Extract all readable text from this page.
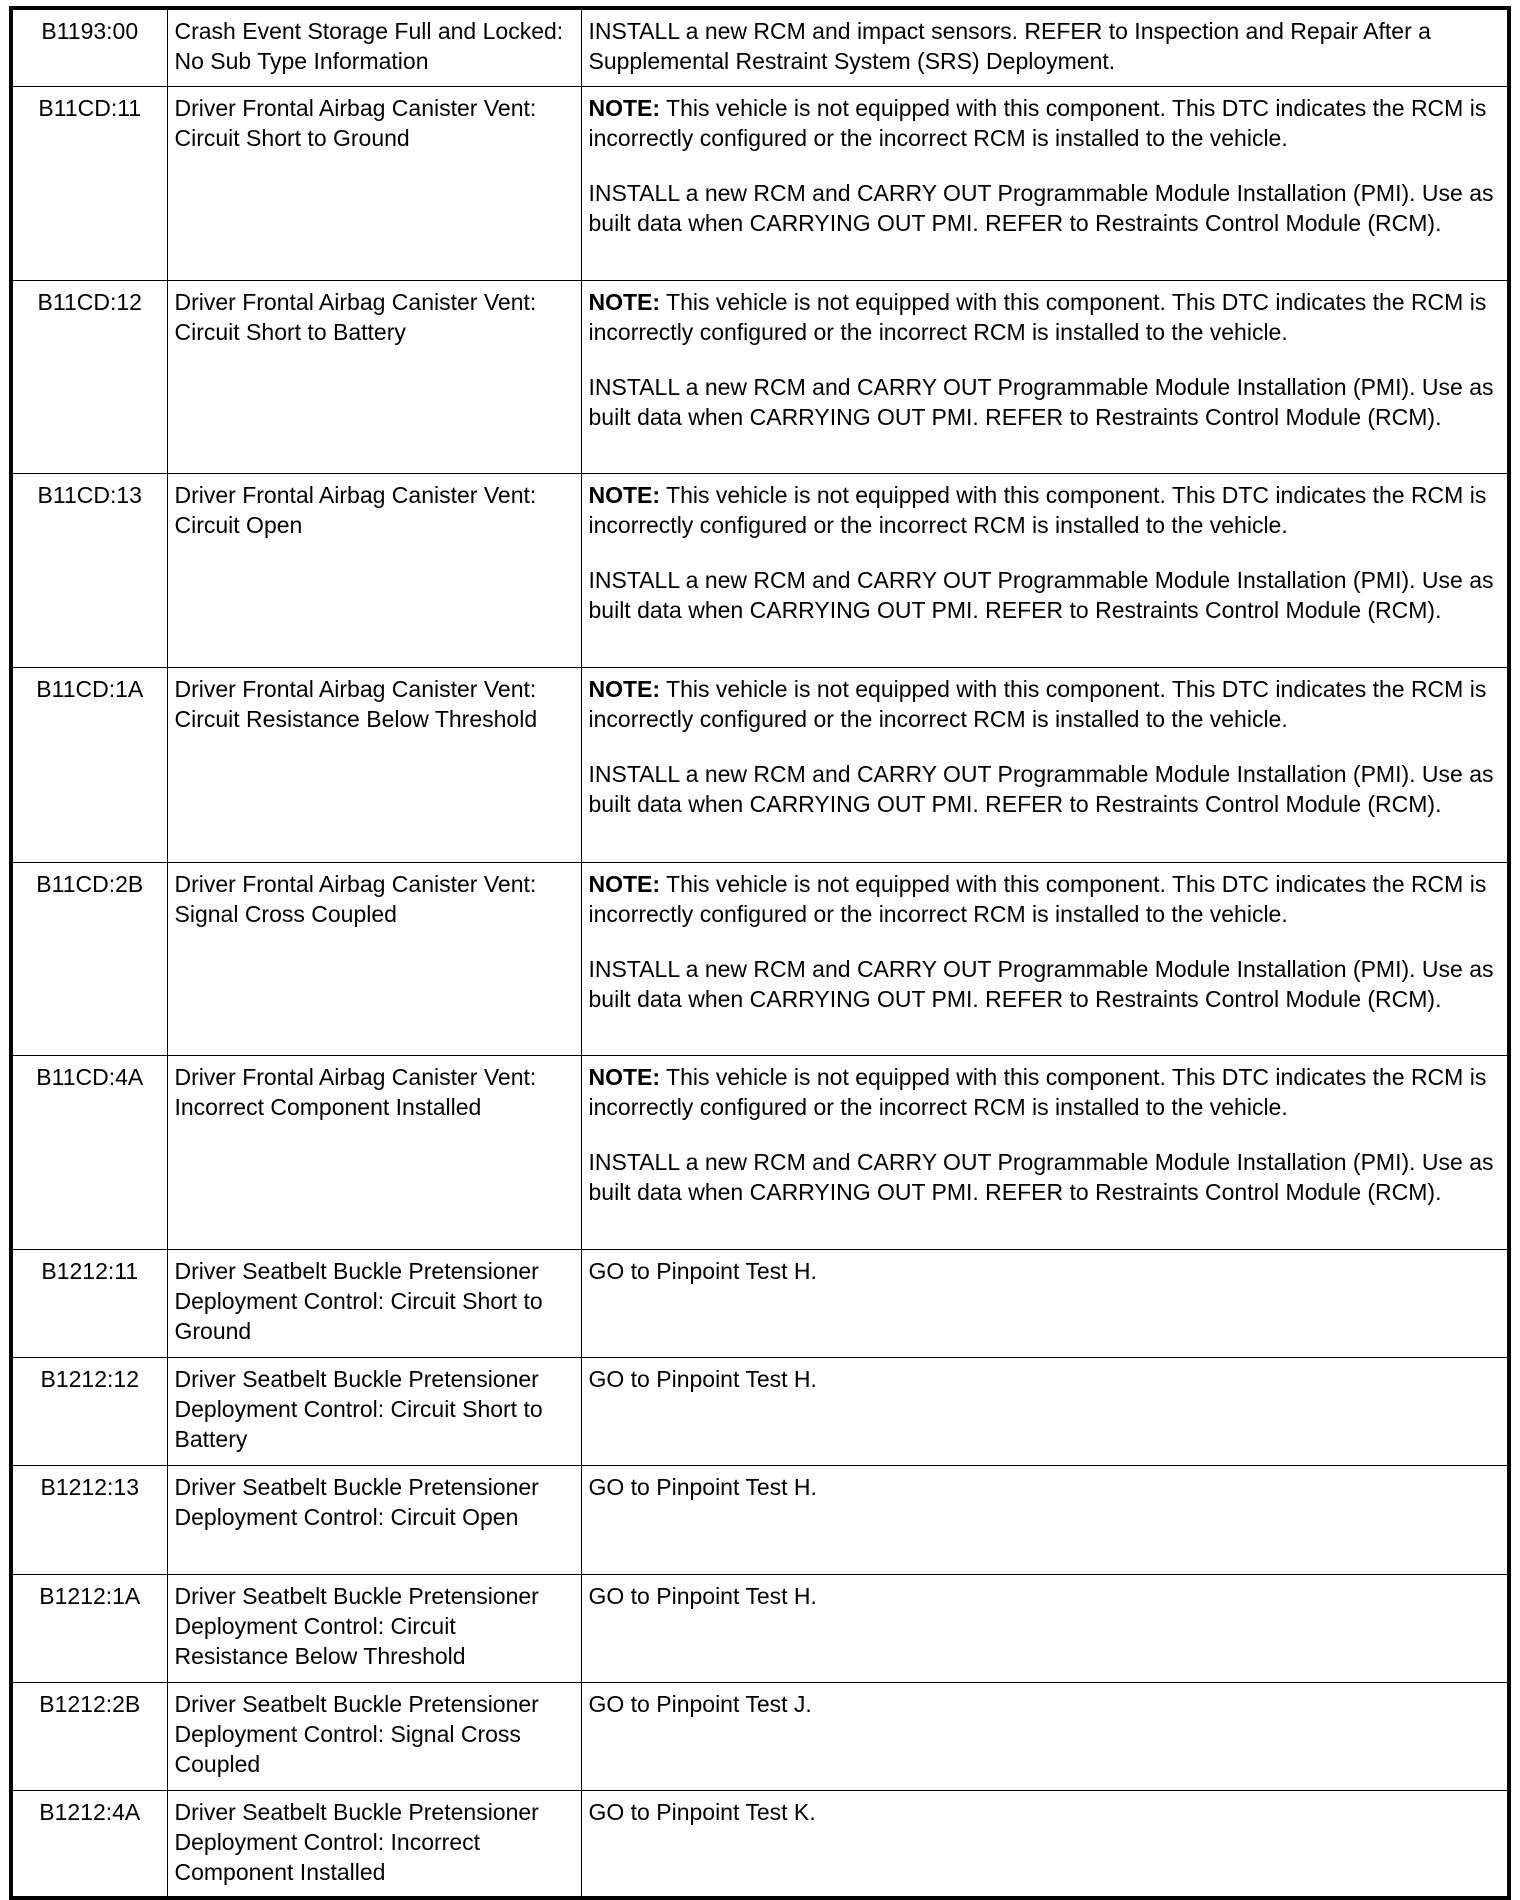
B1193:00	Crash Event Storage Full and Locked: No Sub Type Information	INSTALL a new RCM and impact sensors. REFER to Inspection and Repair After a Supplemental Restraint System (SRS) Deployment.

B11CD:11	Driver Frontal Airbag Canister Vent: Circuit Short to Ground	NOTE: This vehicle is not equipped with this component. This DTC indicates the RCM is incorrectly configured or the incorrect RCM is installed to the vehicle.

INSTALL a new RCM and CARRY OUT Programmable Module Installation (PMI). Use as built data when CARRYING OUT PMI. REFER to Restraints Control Module (RCM).

B11CD:12	Driver Frontal Airbag Canister Vent: Circuit Short to Battery	NOTE: This vehicle is not equipped with this component. This DTC indicates the RCM is incorrectly configured or the incorrect RCM is installed to the vehicle.

INSTALL a new RCM and CARRY OUT Programmable Module Installation (PMI). Use as built data when CARRYING OUT PMI. REFER to Restraints Control Module (RCM).

B11CD:13	Driver Frontal Airbag Canister Vent: Circuit Open	NOTE: This vehicle is not equipped with this component. This DTC indicates the RCM is incorrectly configured or the incorrect RCM is installed to the vehicle.

INSTALL a new RCM and CARRY OUT Programmable Module Installation (PMI). Use as built data when CARRYING OUT PMI. REFER to Restraints Control Module (RCM).

B11CD:1A	Driver Frontal Airbag Canister Vent: Circuit Resistance Below Threshold	NOTE: This vehicle is not equipped with this component. This DTC indicates the RCM is incorrectly configured or the incorrect RCM is installed to the vehicle.

INSTALL a new RCM and CARRY OUT Programmable Module Installation (PMI). Use as built data when CARRYING OUT PMI. REFER to Restraints Control Module (RCM).

B11CD:2B	Driver Frontal Airbag Canister Vent: Signal Cross Coupled	NOTE: This vehicle is not equipped with this component. This DTC indicates the RCM is incorrectly configured or the incorrect RCM is installed to the vehicle.

INSTALL a new RCM and CARRY OUT Programmable Module Installation (PMI). Use as built data when CARRYING OUT PMI. REFER to Restraints Control Module (RCM).

B11CD:4A	Driver Frontal Airbag Canister Vent: Incorrect Component Installed	NOTE: This vehicle is not equipped with this component. This DTC indicates the RCM is incorrectly configured or the incorrect RCM is installed to the vehicle.

INSTALL a new RCM and CARRY OUT Programmable Module Installation (PMI). Use as built data when CARRYING OUT PMI. REFER to Restraints Control Module (RCM).

B1212:11	Driver Seatbelt Buckle Pretensioner Deployment Control: Circuit Short to Ground	GO to Pinpoint Test H.

B1212:12	Driver Seatbelt Buckle Pretensioner Deployment Control: Circuit Short to Battery	GO to Pinpoint Test H.

B1212:13	Driver Seatbelt Buckle Pretensioner Deployment Control: Circuit Open	GO to Pinpoint Test H.

B1212:1A	Driver Seatbelt Buckle Pretensioner Deployment Control: Circuit Resistance Below Threshold	GO to Pinpoint Test H.

B1212:2B	Driver Seatbelt Buckle Pretensioner Deployment Control: Signal Cross Coupled	GO to Pinpoint Test J.

B1212:4A	Driver Seatbelt Buckle Pretensioner Deployment Control: Incorrect Component Installed	GO to Pinpoint Test K.
